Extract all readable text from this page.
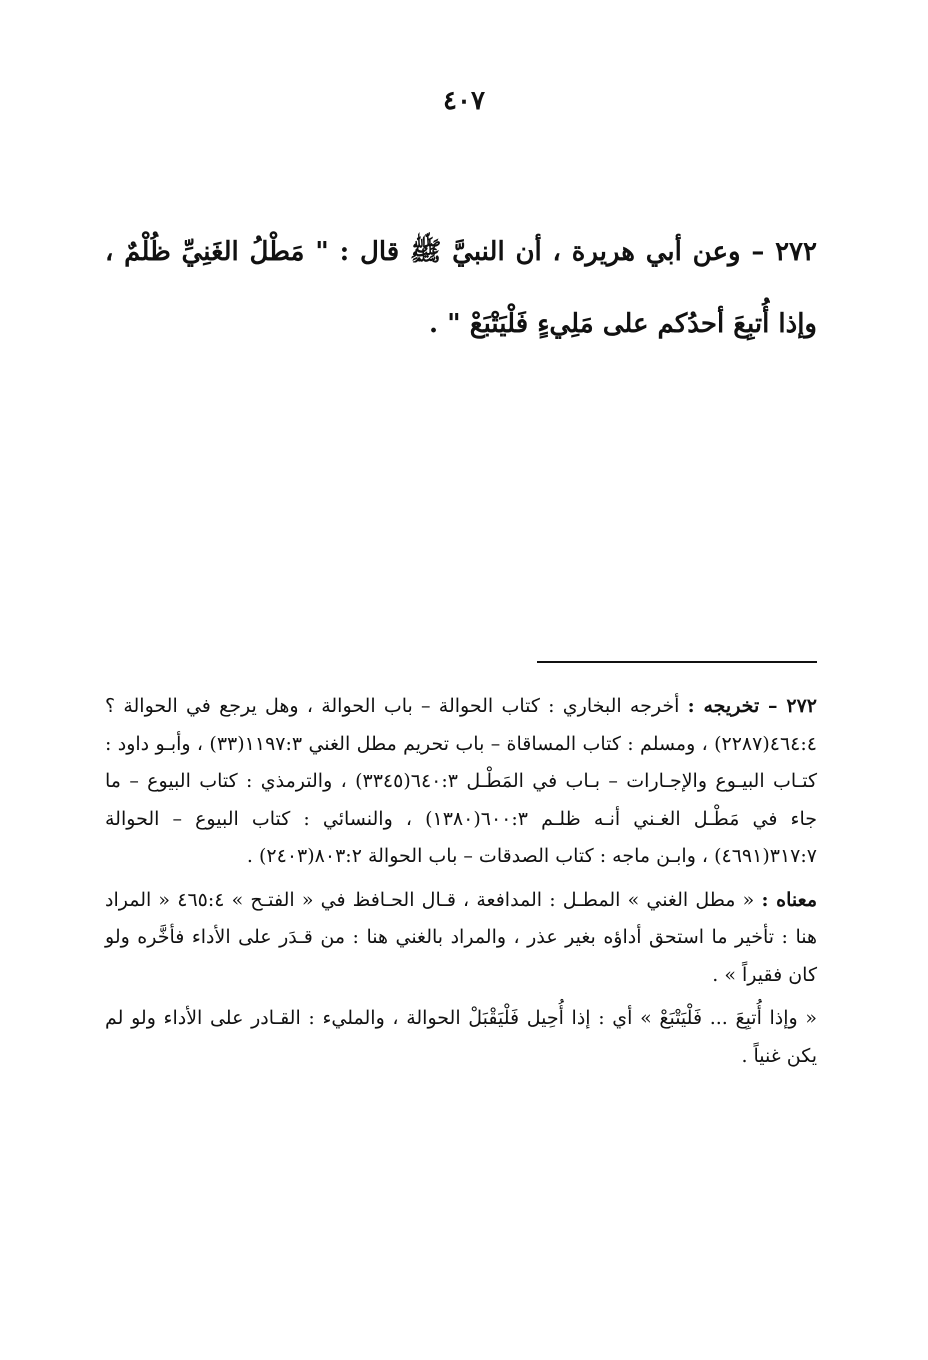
٤٠٧

٢٧٢ – وعن أبي هريرة ، أن النبيَّ ﷺ قال : " مَطْلُ الغَنِيِّ ظُلْمٌ ، وإذا أُتبِعَ أحدُكم على مَلِيءٍ فَلْيَتْبَعْ " .

٢٧٢ – تخريجه : أخرجه البخاري : كتاب الحوالة – باب الحوالة ، وهل يرجع في الحوالة ؟ ٤٦٤:٤(٢٢٨٧) ، ومسلم : كتاب المساقاة – باب تحريم مطل الغني ١١٩٧:٣(٣٣) ، وأبـو داود : كتـاب البيـوع والإجـارات – بـاب في المَطْـل ٦٤٠:٣(٣٣٤٥) ، والترمذي : كتاب البيوع – ما جاء في مَطْـل الغـني أنـه ظلـم ٦٠٠:٣(١٣٨٠) ، والنسائي : كتاب البيوع – الحوالة ٣١٧:٧(٤٦٩١) ، وابـن ماجه : كتاب الصدقات – باب الحوالة ٨٠٣:٢(٢٤٠٣) .

معناه : « مطل الغني » المطـل : المدافعة ، قـال الحـافظ في « الفتـح » ٤٦٥:٤ « المراد هنا : تأخير ما استحق أداؤه بغير عذر ، والمراد بالغني هنا : من قـدَر على الأداء فأخَّره ولو كان فقيراً » .

« وإذا أُتبِعَ ... فَلْيَتْبَعْ » أي : إذا أُحِيل فَلْيَقْبَلْ الحوالة ، والمليء : القـادر على الأداء ولو لم يكن غنياً .
